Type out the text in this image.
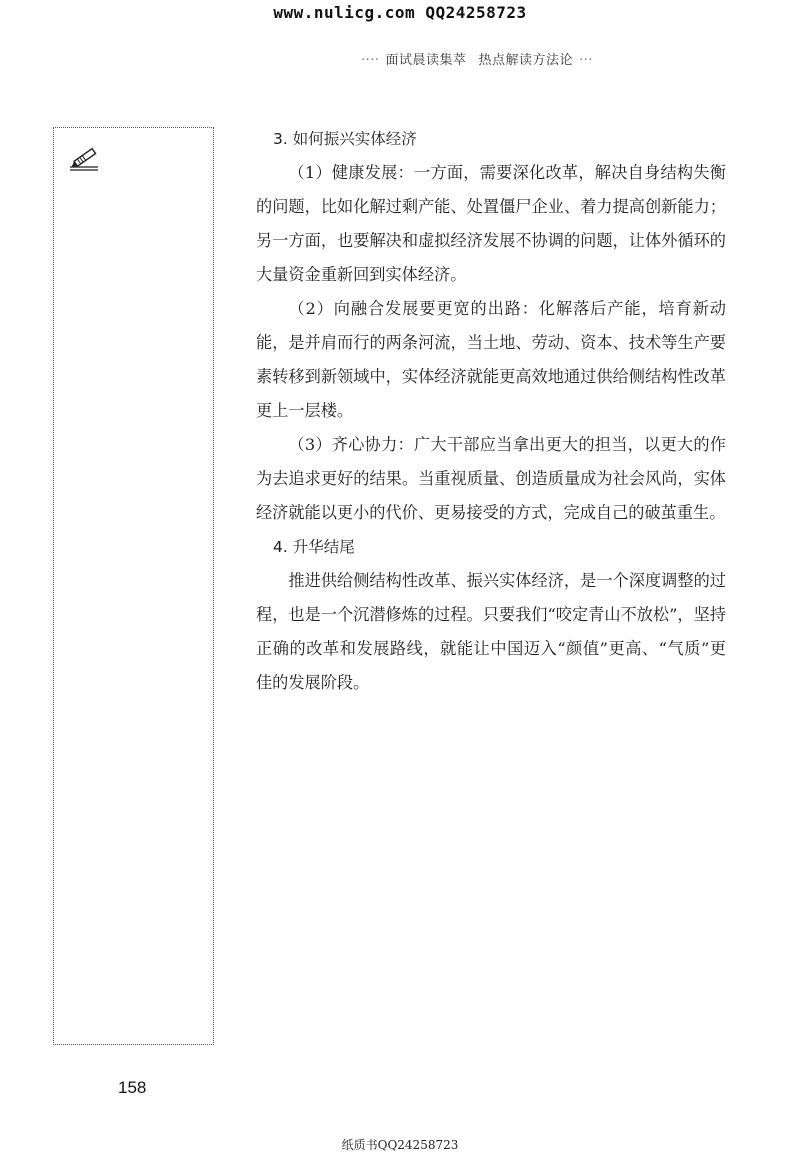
www.nulicg.com QQ24258723
···· 面试晨读集萃 热点解读方法论 ···
3. 如何振兴实体经济

（1）健康发展：一方面，需要深化改革，解决自身结构失衡的问题，比如化解过剩产能、处置僵尸企业、着力提高创新能力；另一方面，也要解决和虚拟经济发展不协调的问题，让体外循环的大量资金重新回到实体经济。

（2）向融合发展要更宽的出路：化解落后产能，培育新动能，是并肩而行的两条河流，当土地、劳动、资本、技术等生产要素转移到新领域中，实体经济就能更高效地通过供给侧结构性改革更上一层楼。

（3）齐心协力：广大干部应当拿出更大的担当，以更大的作为去追求更好的结果。当重视质量、创造质量成为社会风尚，实体经济就能以更小的代价、更易接受的方式，完成自己的破茧重生。

4. 升华结尾

推进供给侧结构性改革、振兴实体经济，是一个深度调整的过程，也是一个沉潜修炼的过程。只要我们“咬定青山不放松”，坚持正确的改革和发展路线，就能让中国迈入“颜值”更高、“气质”更佳的发展阶段。

158
纸质书QQ24258723
